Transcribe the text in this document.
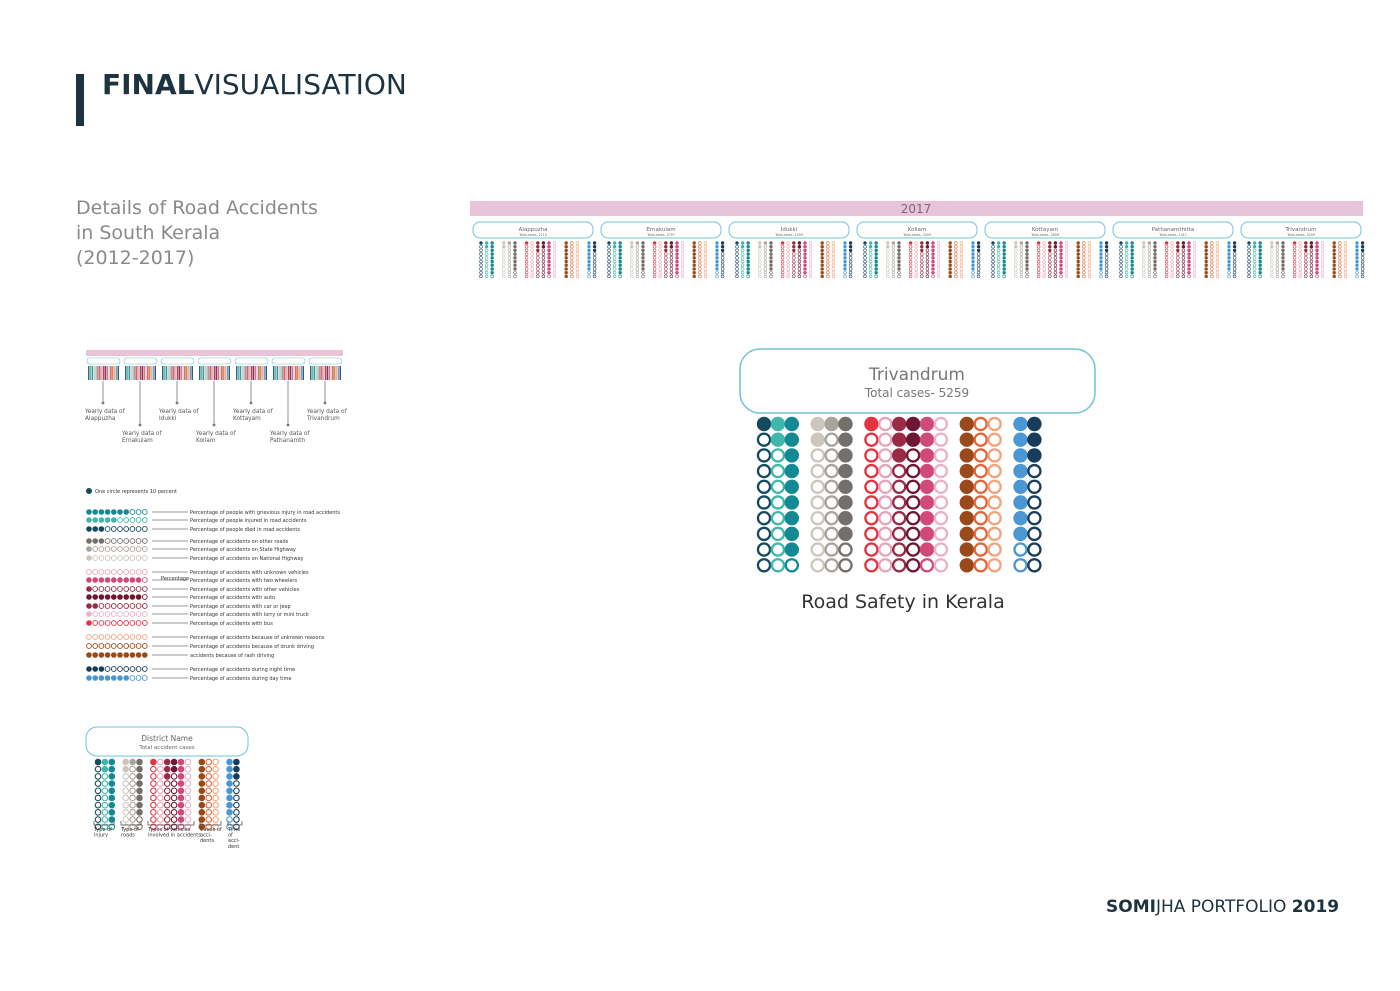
FINALVISUALISATION
Details of Road Accidents
in South Kerala
(2012-2017)
2017
Alappuzha
Total cases- 2110
Ernakulam
Total cases- 5797
Idukki
Total cases- 1209
Kollam
Total cases- 3309
Kottayam
Total cases- 2808
Pathanamthitta
Total cases- 1411
Trivandrum
Total cases- 5259
Trivandrum
Total cases- 5259
Road Safety in Kerala
Yearly data of
Alappuzha
Yearly data of
Ernakulam
Yearly data of
Idukki
Yearly data of
Kollam
Yearly data of
Kottayam
Yearly data of
Pathanamth
Yearly data of
Trivandrum
One circle represents 10 percent
Percentage of people with grievious injury in road accidents
Percentage of people injured in road accidents
Percentage of people died in road accidents
Percentage of accidents on other roads
Percentage of accidents on State Highway
Percentage of accidents on National Highway
Percentage of accidents with unknown vehicles
Percentage of accidents with two wheelers
Percentage of accidents with other vehicles
Percentage of accidents with auto
Percentage of accidents with car or jeep
Percentage of accidents with lorry or mini truck
Percentage of accidents with bus
Percentage of accidents because of unknown reasons
Percentage of accidents because of drunk driving
accidents because of rash driving
Percentage of accidents during night time
Percentage of accidents during day time
Percentage
District Name
Total accident cases
Type of
injury
Type of
roads
Types of vehicles
involved in accidents
Cause of
acci-
dents
Time
of
acci-
dent
SOMIJHA PORTFOLIO 2019
